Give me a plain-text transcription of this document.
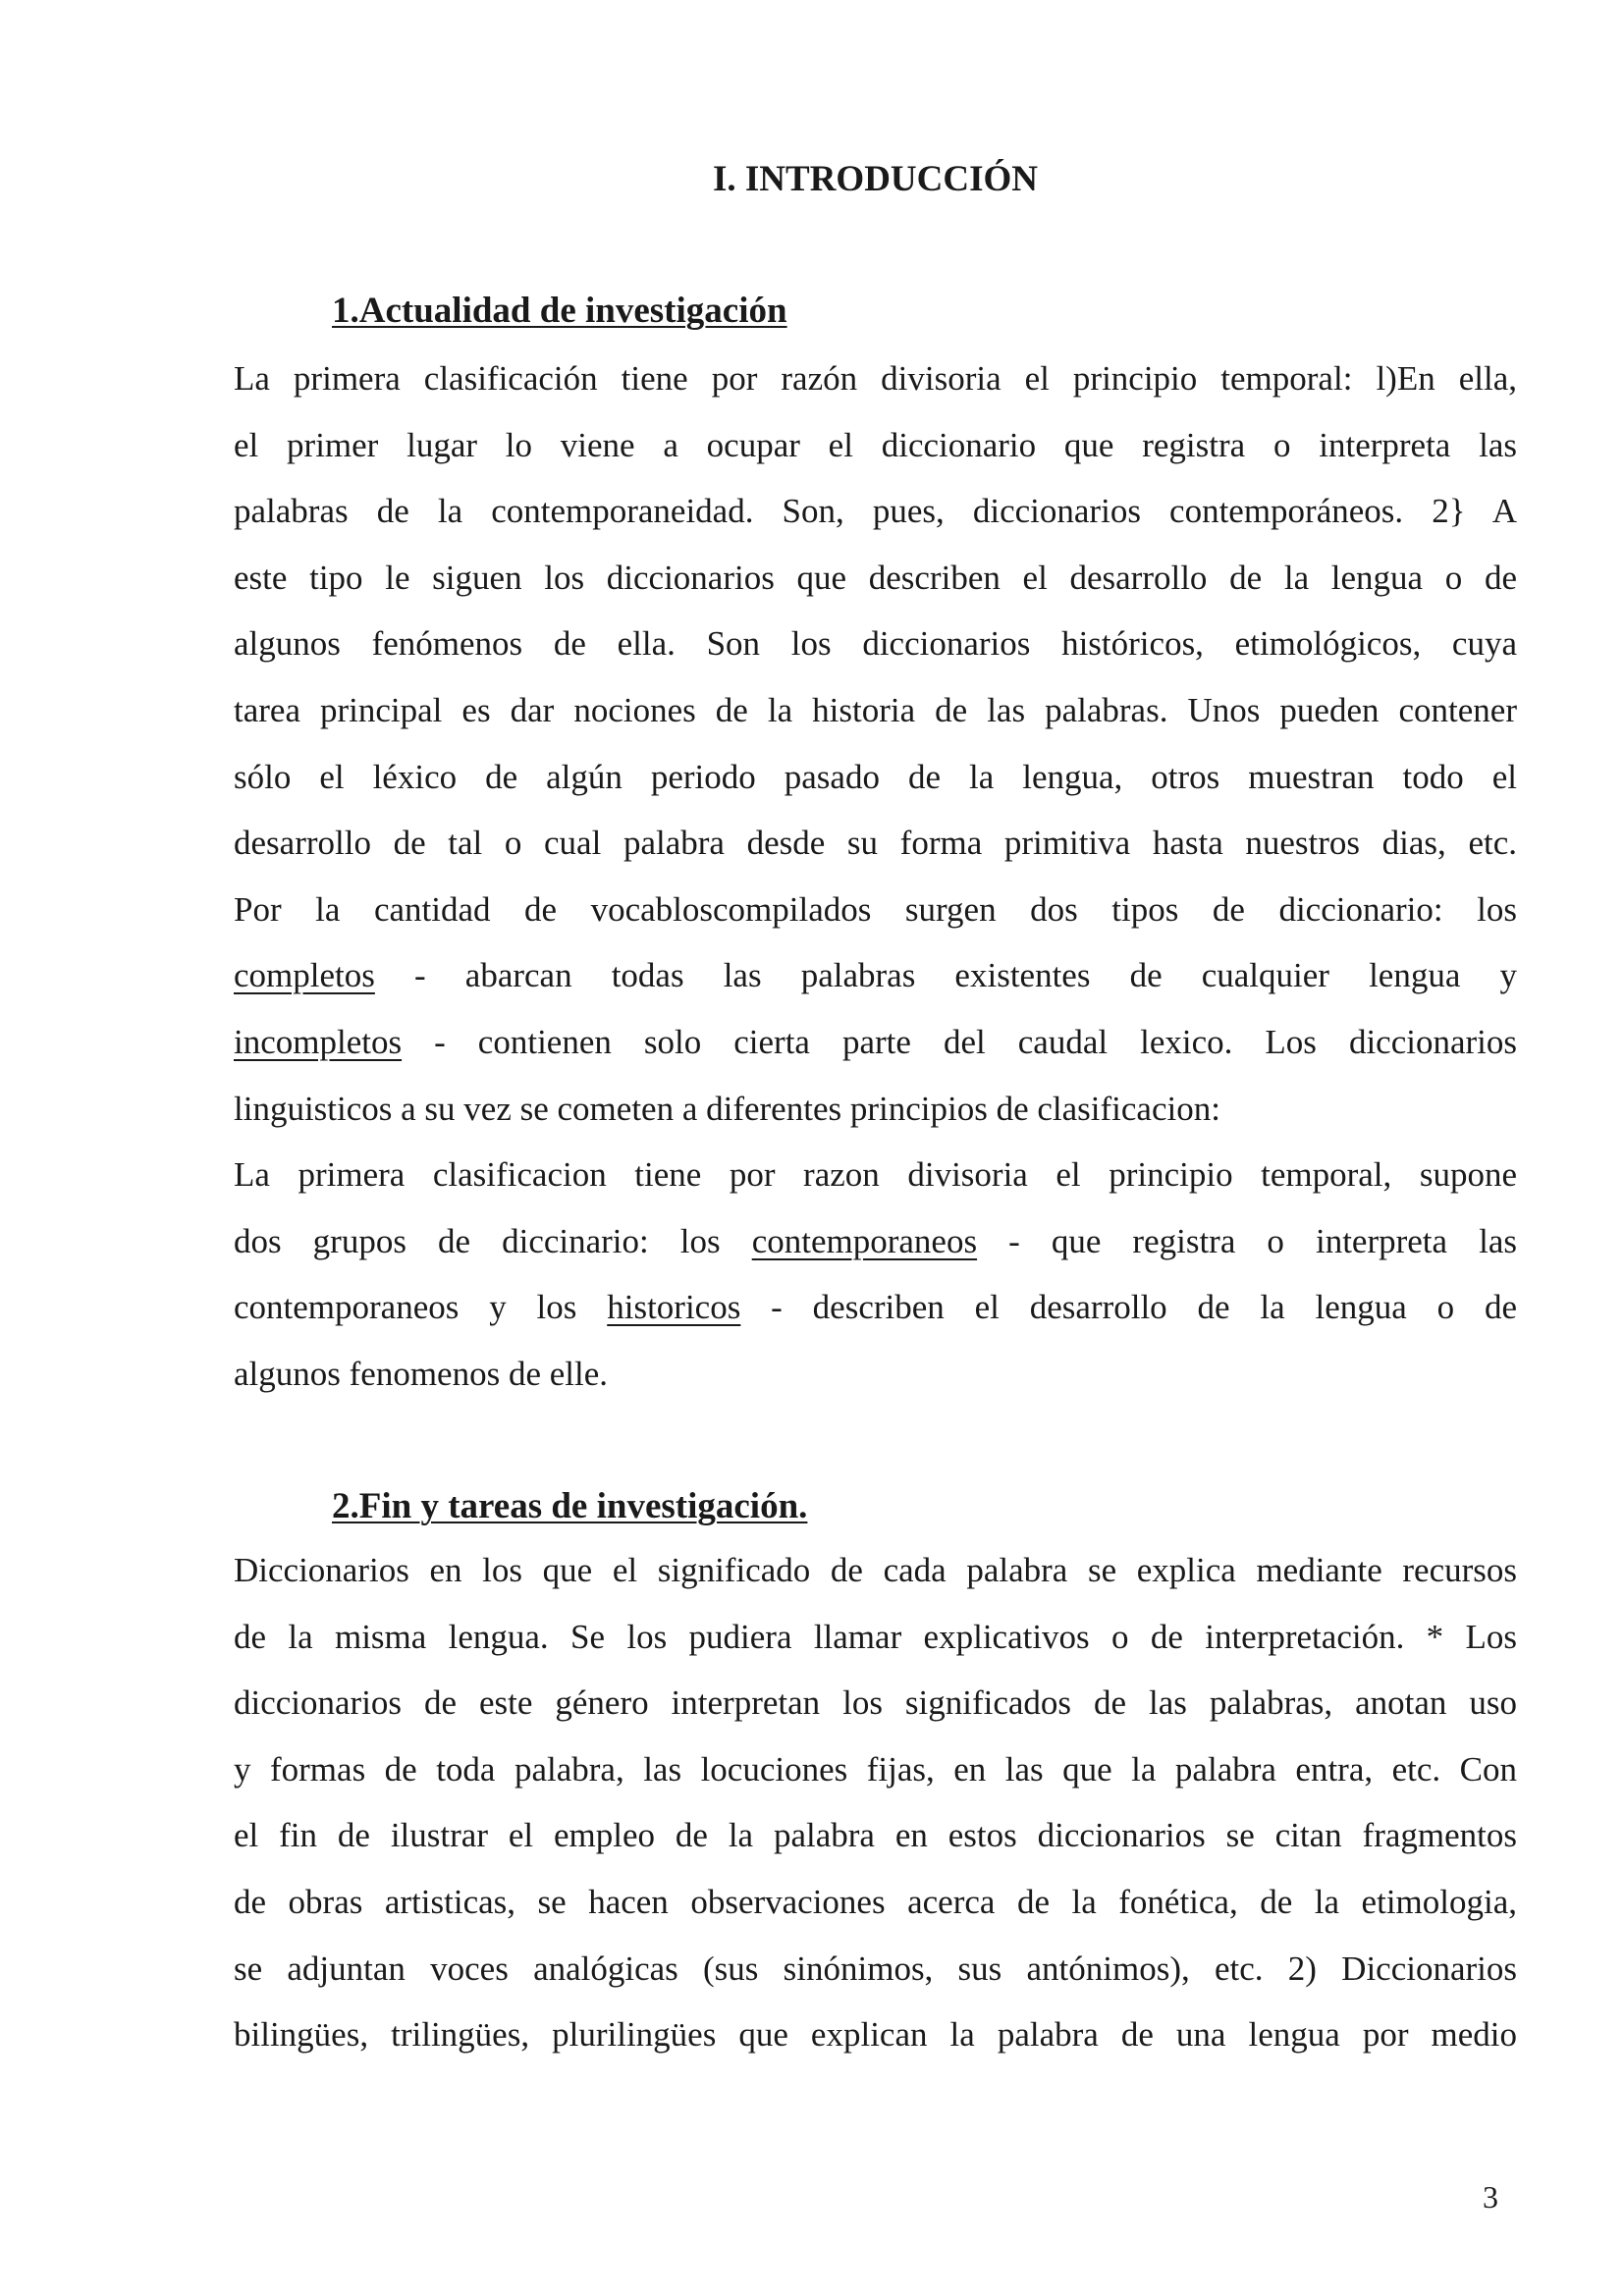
I. INTRODUCCIÓN
1.Actualidad de investigación
La primera clasificación tiene por razón divisoria el principio temporal: l)En ella,
el primer lugar lo viene a ocupar el diccionario que registra o interpreta las
palabras de la contemporaneidad. Son, pues, diccionarios contemporáneos. 2} A
este tipo le siguen los diccionarios que describen el desarrollo de la lengua o de
algunos fenómenos de ella. Son los diccionarios históricos, etimológicos, cuya
tarea principal es dar nociones de la historia de las palabras. Unos pueden contener
sólo el léxico de algún periodo pasado de la lengua, otros muestran todo el
desarrollo de tal o cual palabra desde su forma primitiva hasta nuestros dias, etc.
Por la cantidad de vocabloscompilados surgen dos tipos de diccionario: los
completos - abarcan todas las palabras existentes de cualquier lengua y
incompletos - contienen solo cierta parte del caudal lexico. Los diccionarios
linguisticos a su vez se cometen a diferentes principios de clasificacion:
La primera clasificacion tiene por razon divisoria el principio temporal, supone
dos grupos de diccinario: los contemporaneos - que registra o interpreta las
contemporaneos y los historicos - describen el desarrollo de la lengua o de
algunos fenomenos de elle.
2.Fin y tareas de investigación.
Diccionarios en los que el significado de cada palabra se explica mediante recursos
de la misma lengua. Se los pudiera llamar explicativos o de interpretación. * Los
diccionarios de este género interpretan los significados de las palabras, anotan uso
y formas de toda palabra, las locuciones fijas, en las que la palabra entra, etc. Con
el fin de ilustrar el empleo de la palabra en estos diccionarios se citan fragmentos
de obras artisticas, se hacen observaciones acerca de la fonética, de la etimologia,
se adjuntan voces analógicas (sus sinónimos, sus antónimos), etc. 2) Diccionarios
bilingües, trilingües, plurilingües que explican la palabra de una lengua por medio

3
